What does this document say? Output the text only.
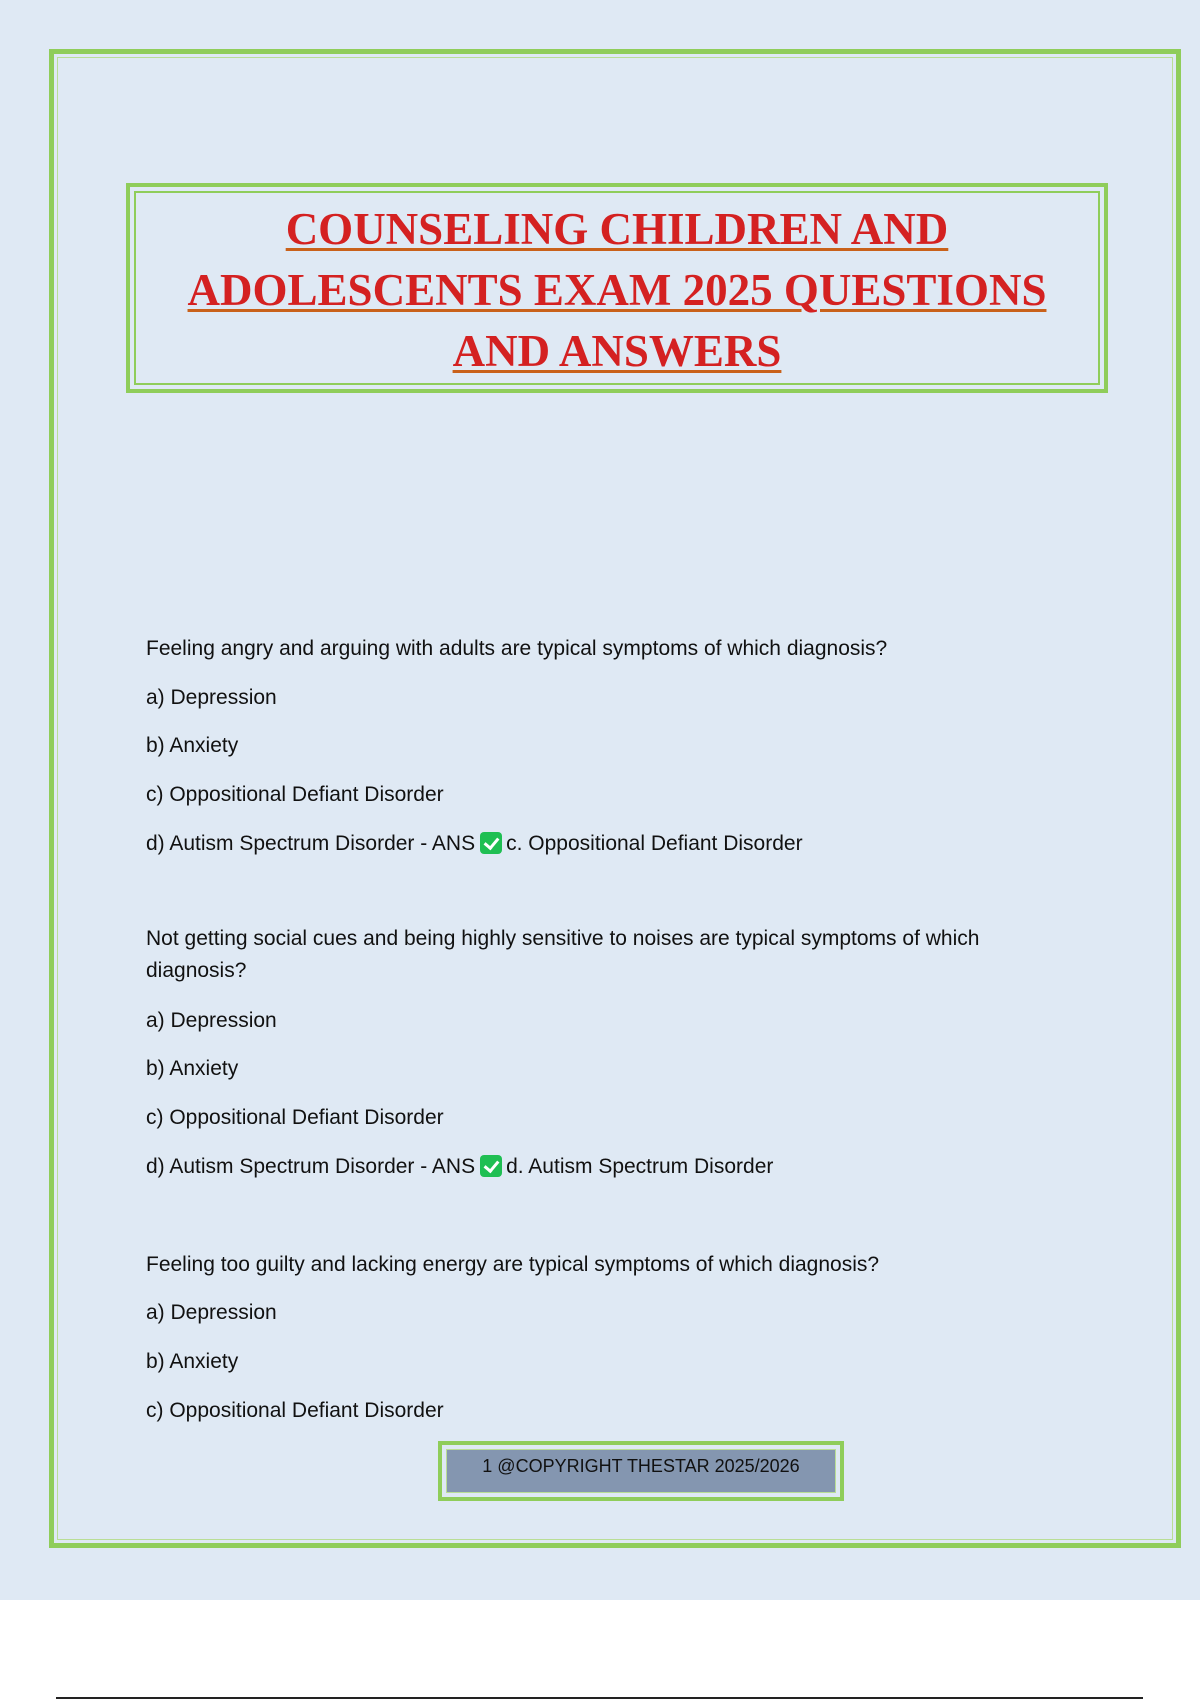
COUNSELING CHILDREN AND
ADOLESCENTS EXAM 2025 QUESTIONS
AND ANSWERS
Feeling angry and arguing with adults are typical symptoms of which diagnosis?
a) Depression
b) Anxiety
c) Oppositional Defiant Disorder
d) Autism Spectrum Disorder - ANS c. Oppositional Defiant Disorder
Not getting social cues and being highly sensitive to noises are typical symptoms of which diagnosis?
a) Depression
b) Anxiety
c) Oppositional Defiant Disorder
d) Autism Spectrum Disorder - ANS d. Autism Spectrum Disorder
Feeling too guilty and lacking energy are typical symptoms of which diagnosis?
a) Depression
b) Anxiety
c) Oppositional Defiant Disorder
1 @COPYRIGHT THESTAR 2025/2026
